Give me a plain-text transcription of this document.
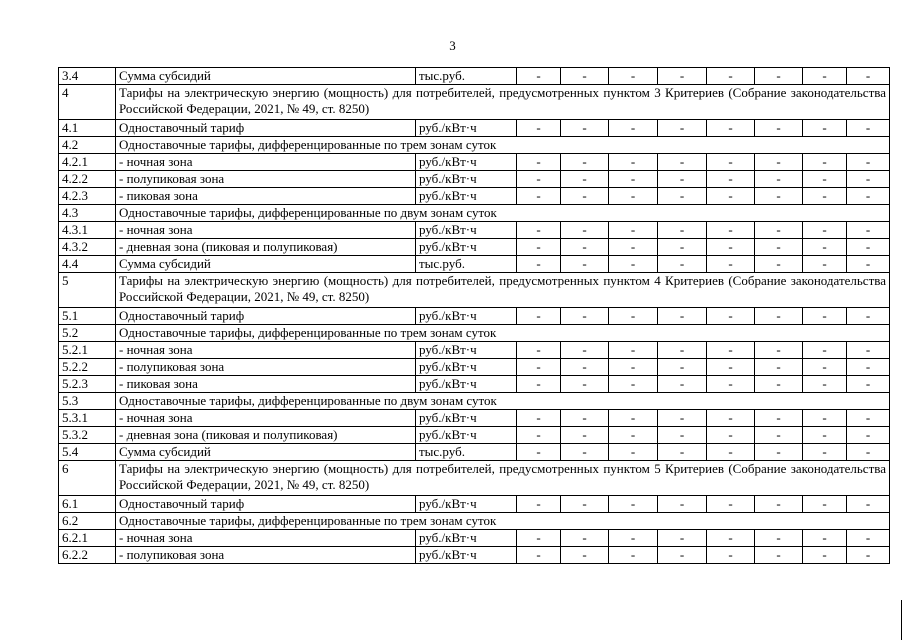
3
3.4	Сумма субсидий	тыс.руб.	-	-	-	-	-	-	-	-
4	Тарифы на электрическую энергию (мощность) для потребителей, предусмотренных пунктом 3 Критериев (Собрание законодательства Российской Федерации, 2021, № 49, ст. 8250)									
4.1	Одноставочный тариф	руб./кВт·ч	-	-	-	-	-	-	-	-
4.2	Одноставочные тарифы, дифференцированные по трем зонам суток									
4.2.1	- ночная зона	руб./кВт·ч	-	-	-	-	-	-	-	-
4.2.2	- полупиковая зона	руб./кВт·ч	-	-	-	-	-	-	-	-
4.2.3	- пиковая зона	руб./кВт·ч	-	-	-	-	-	-	-	-
4.3	Одноставочные тарифы, дифференцированные по двум зонам суток									
4.3.1	- ночная зона	руб./кВт·ч	-	-	-	-	-	-	-	-
4.3.2	- дневная зона (пиковая и полупиковая)	руб./кВт·ч	-	-	-	-	-	-	-	-
4.4	Сумма субсидий	тыс.руб.	-	-	-	-	-	-	-	-
5	Тарифы на электрическую энергию (мощность) для потребителей, предусмотренных пунктом 4 Критериев (Собрание законодательства Российской Федерации, 2021, № 49, ст. 8250)									
5.1	Одноставочный тариф	руб./кВт·ч	-	-	-	-	-	-	-	-
5.2	Одноставочные тарифы, дифференцированные по трем зонам суток									
5.2.1	- ночная зона	руб./кВт·ч	-	-	-	-	-	-	-	-
5.2.2	- полупиковая зона	руб./кВт·ч	-	-	-	-	-	-	-	-
5.2.3	- пиковая зона	руб./кВт·ч	-	-	-	-	-	-	-	-
5.3	Одноставочные тарифы, дифференцированные по двум зонам суток									
5.3.1	- ночная зона	руб./кВт·ч	-	-	-	-	-	-	-	-
5.3.2	- дневная зона (пиковая и полупиковая)	руб./кВт·ч	-	-	-	-	-	-	-	-
5.4	Сумма субсидий	тыс.руб.	-	-	-	-	-	-	-	-
6	Тарифы на электрическую энергию (мощность) для потребителей, предусмотренных пунктом 5 Критериев (Собрание законодательства Российской Федерации, 2021, № 49, ст. 8250)									
6.1	Одноставочный тариф	руб./кВт·ч	-	-	-	-	-	-	-	-
6.2	Одноставочные тарифы, дифференцированные по трем зонам суток									
6.2.1	- ночная зона	руб./кВт·ч	-	-	-	-	-	-	-	-
6.2.2	- полупиковая зона	руб./кВт·ч	-	-	-	-	-	-	-	-
